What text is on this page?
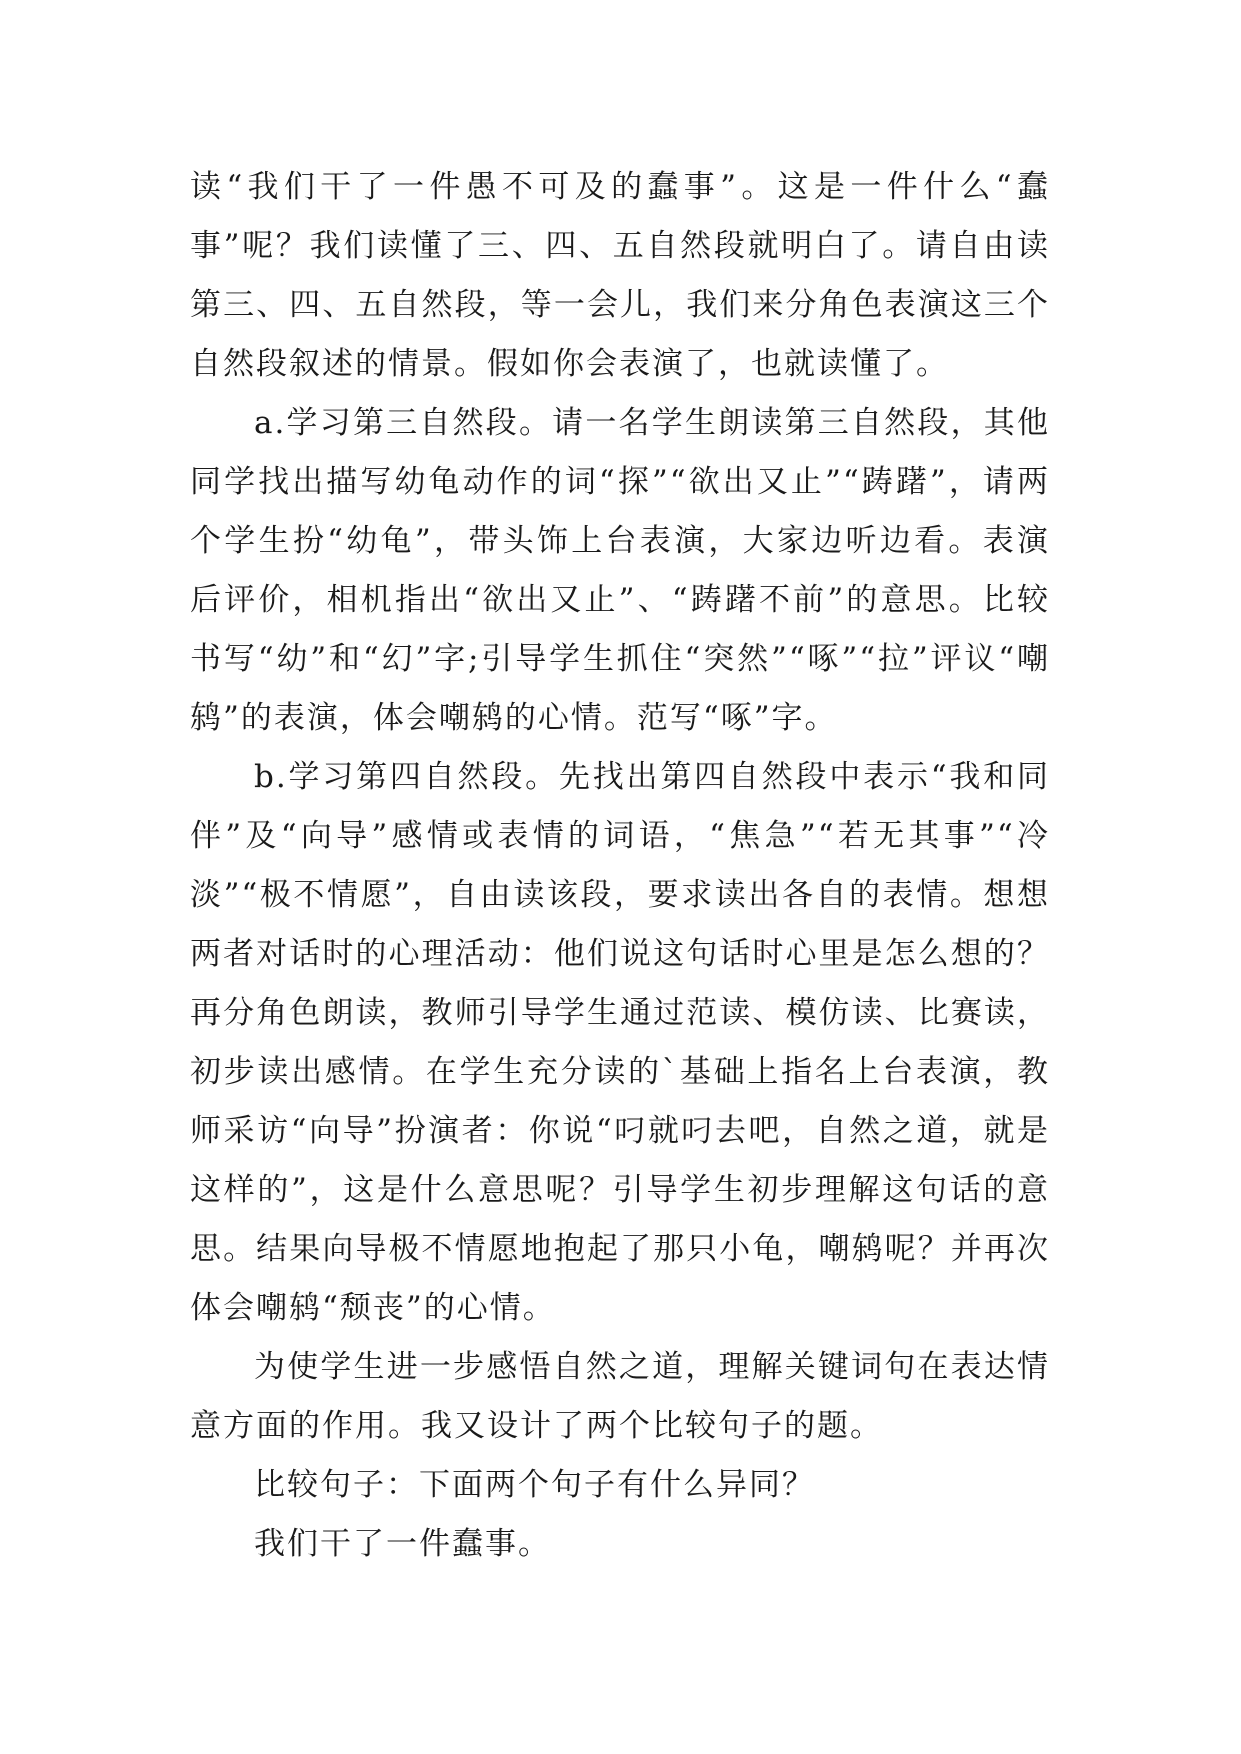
读“我们干了一件愚不可及的蠢事”。这是一件什么“蠢事”呢？我们读懂了三、四、五自然段就明白了。请自由读第三、四、五自然段，等一会儿，我们来分角色表演这三个自然段叙述的情景。假如你会表演了，也就读懂了。

a.学习第三自然段。请一名学生朗读第三自然段，其他同学找出描写幼龟动作的词“探”“欲出又止”“踌躇”，请两个学生扮“幼龟”，带头饰上台表演，大家边听边看。表演后评价，相机指出“欲出又止”、“踌躇不前”的意思。比较书写“幼”和“幻”字;引导学生抓住“突然”“啄”“拉”评议“嘲鸫”的表演，体会嘲鸫的心情。范写“啄”字。

b.学习第四自然段。先找出第四自然段中表示“我和同伴”及“向导”感情或表情的词语，“焦急”“若无其事”“冷淡”“极不情愿”，自由读该段，要求读出各自的表情。想想两者对话时的心理活动：他们说这句话时心里是怎么想的？再分角色朗读，教师引导学生通过范读、模仿读、比赛读，初步读出感情。在学生充分读的`基础上指名上台表演，教师采访“向导”扮演者：你说“叼就叼去吧，自然之道，就是这样的”，这是什么意思呢？引导学生初步理解这句话的意思。结果向导极不情愿地抱起了那只小龟，嘲鸫呢？并再次体会嘲鸫“颓丧”的心情。

为使学生进一步感悟自然之道，理解关键词句在表达情意方面的作用。我又设计了两个比较句子的题。

比较句子：下面两个句子有什么异同？

我们干了一件蠢事。
